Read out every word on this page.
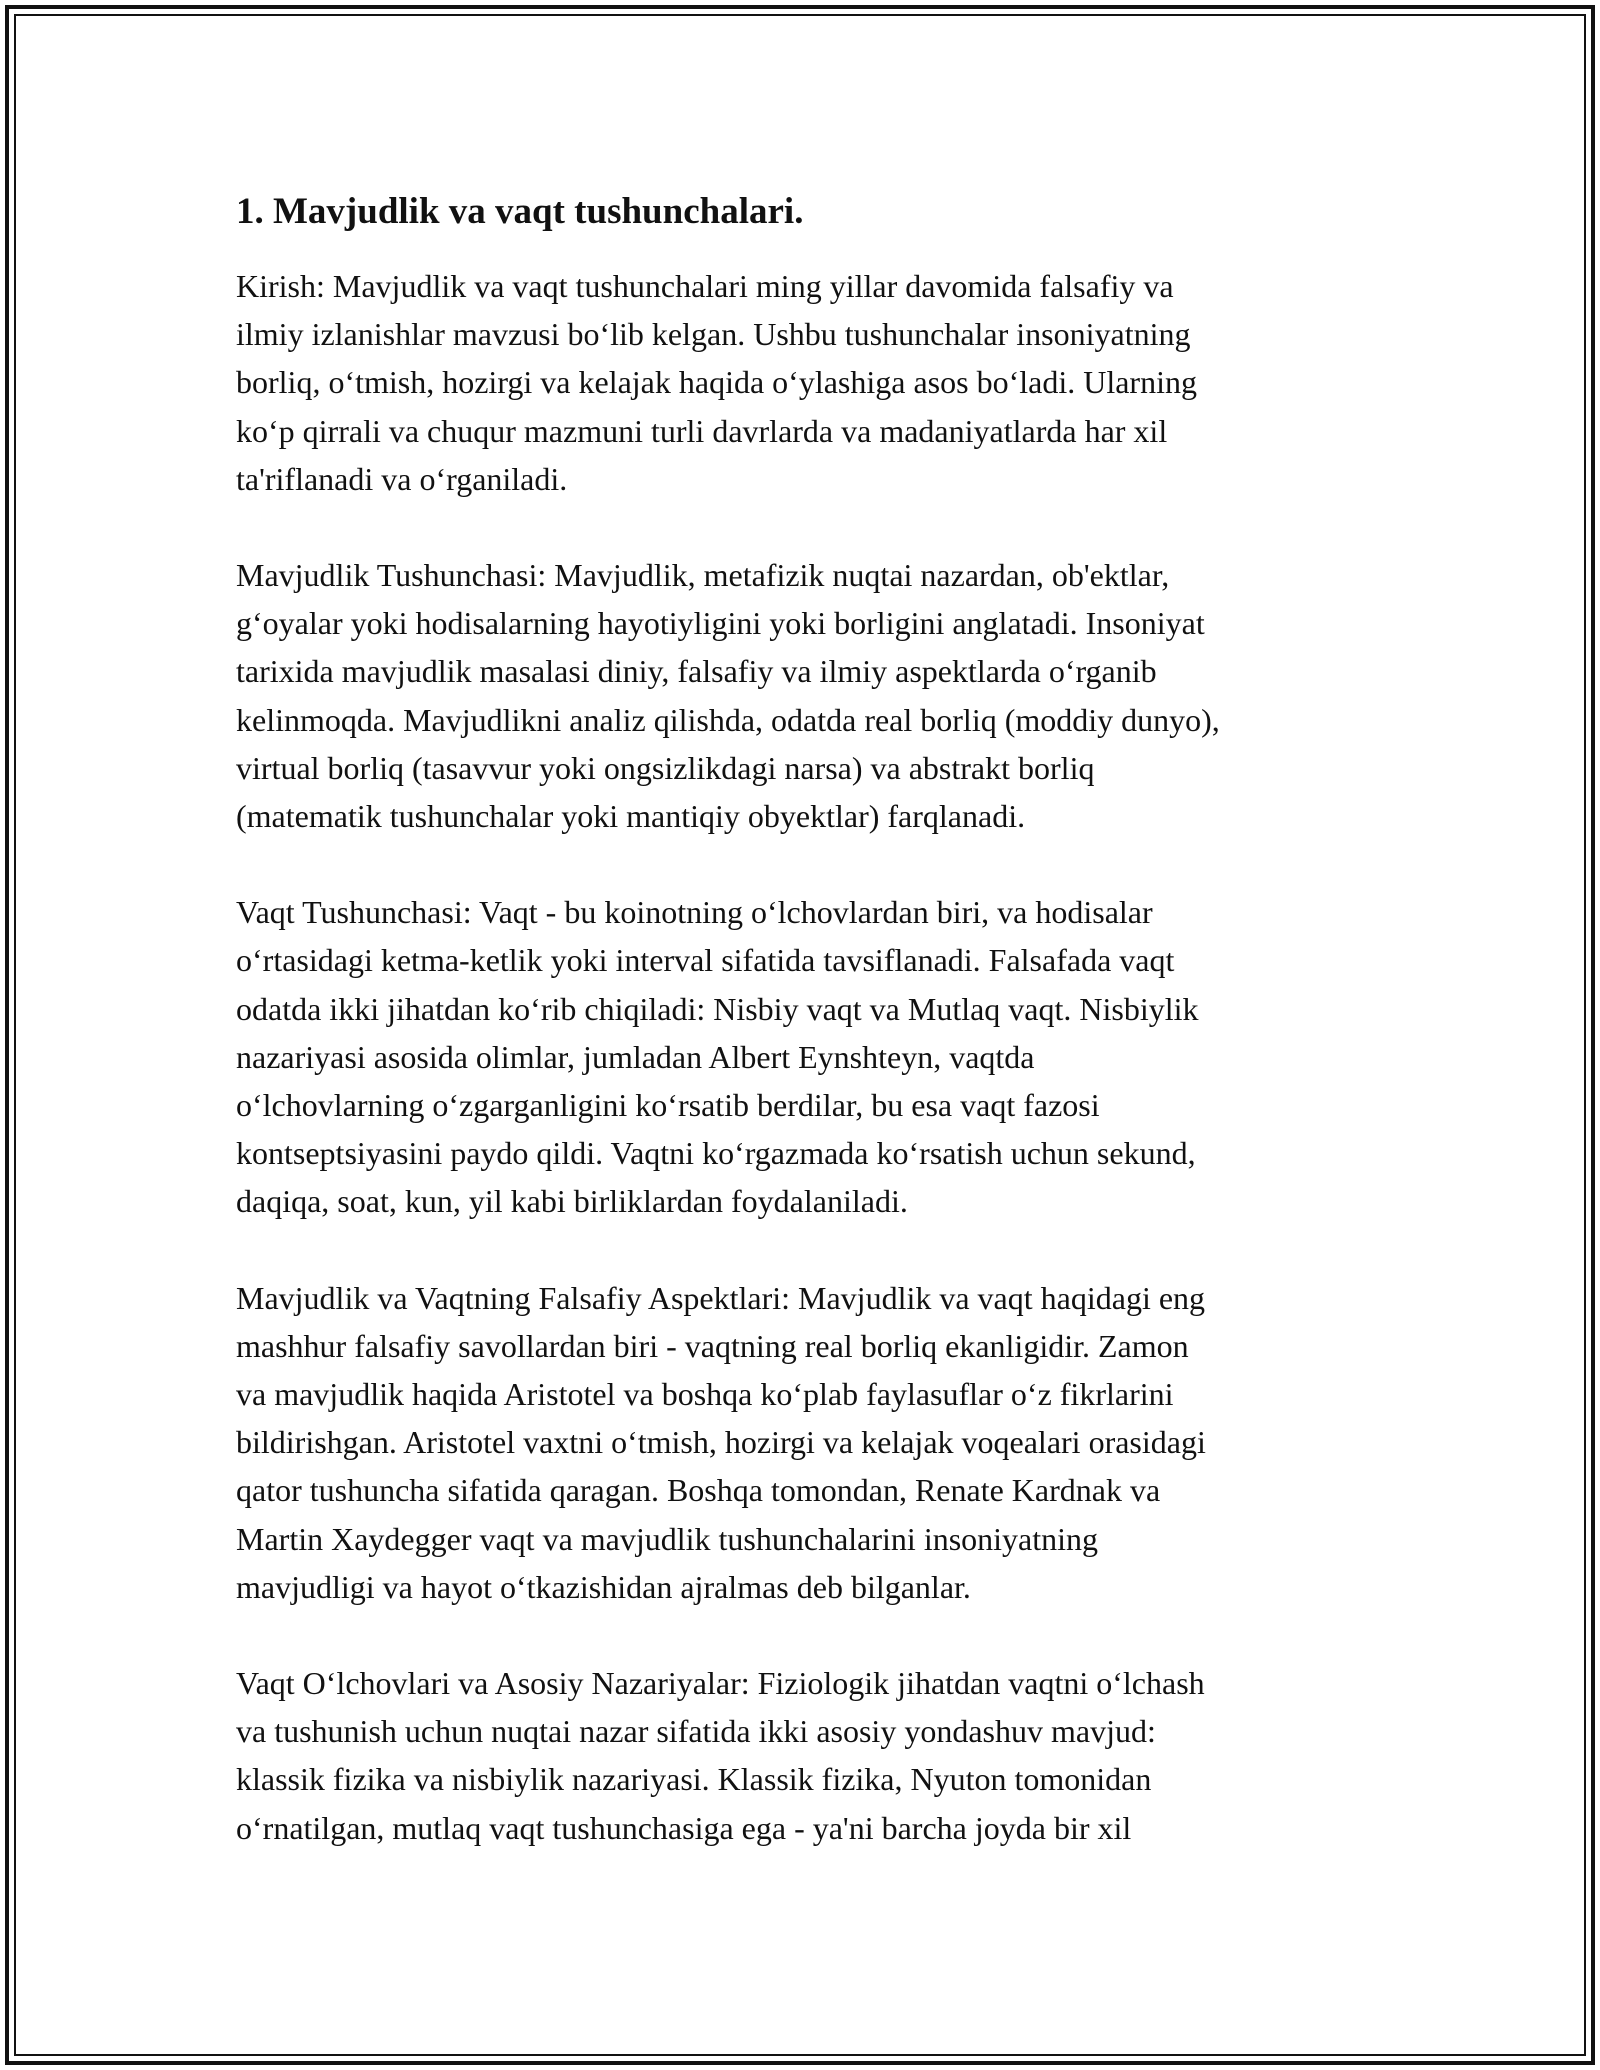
1. Mavjudlik va vaqt tushunchalari.
Kirish: Mavjudlik va vaqt tushunchalari ming yillar davomida falsafiy va
ilmiy izlanishlar mavzusi bo‘lib kelgan. Ushbu tushunchalar insoniyatning
borliq, o‘tmish, hozirgi va kelajak haqida o‘ylashiga asos bo‘ladi. Ularning
ko‘p qirrali va chuqur mazmuni turli davrlarda va madaniyatlarda har xil
ta'riflanadi va o‘rganiladi.
Mavjudlik Tushunchasi: Mavjudlik, metafizik nuqtai nazardan, ob'ektlar,
g‘oyalar yoki hodisalarning hayotiyligini yoki borligini anglatadi. Insoniyat
tarixida mavjudlik masalasi diniy, falsafiy va ilmiy aspektlarda o‘rganib
kelinmoqda. Mavjudlikni analiz qilishda, odatda real borliq (moddiy dunyo),
virtual borliq (tasavvur yoki ongsizlikdagi narsa) va abstrakt borliq
(matematik tushunchalar yoki mantiqiy obyektlar) farqlanadi.
Vaqt Tushunchasi: Vaqt - bu koinotning o‘lchovlardan biri, va hodisalar
o‘rtasidagi ketma-ketlik yoki interval sifatida tavsiflanadi. Falsafada vaqt
odatda ikki jihatdan ko‘rib chiqiladi: Nisbiy vaqt va Mutlaq vaqt. Nisbiylik
nazariyasi asosida olimlar, jumladan Albert Eynshteyn, vaqtda
o‘lchovlarning o‘zgarganligini ko‘rsatib berdilar, bu esa vaqt fazosi
kontseptsiyasini paydo qildi. Vaqtni ko‘rgazmada ko‘rsatish uchun sekund,
daqiqa, soat, kun, yil kabi birliklardan foydalaniladi.
Mavjudlik va Vaqtning Falsafiy Aspektlari: Mavjudlik va vaqt haqidagi eng
mashhur falsafiy savollardan biri - vaqtning real borliq ekanligidir. Zamon
va mavjudlik haqida Aristotel va boshqa ko‘plab faylasuflar o‘z fikrlarini
bildirishgan. Aristotel vaxtni o‘tmish, hozirgi va kelajak voqealari orasidagi
qator tushuncha sifatida qaragan. Boshqa tomondan, Renate Kardnak va
Martin Xaydegger vaqt va mavjudlik tushunchalarini insoniyatning
mavjudligi va hayot o‘tkazishidan ajralmas deb bilganlar.
Vaqt O‘lchovlari va Asosiy Nazariyalar: Fiziologik jihatdan vaqtni o‘lchash
va tushunish uchun nuqtai nazar sifatida ikki asosiy yondashuv mavjud:
klassik fizika va nisbiylik nazariyasi. Klassik fizika, Nyuton tomonidan
o‘rnatilgan, mutlaq vaqt tushunchasiga ega - ya'ni barcha joyda bir xil
